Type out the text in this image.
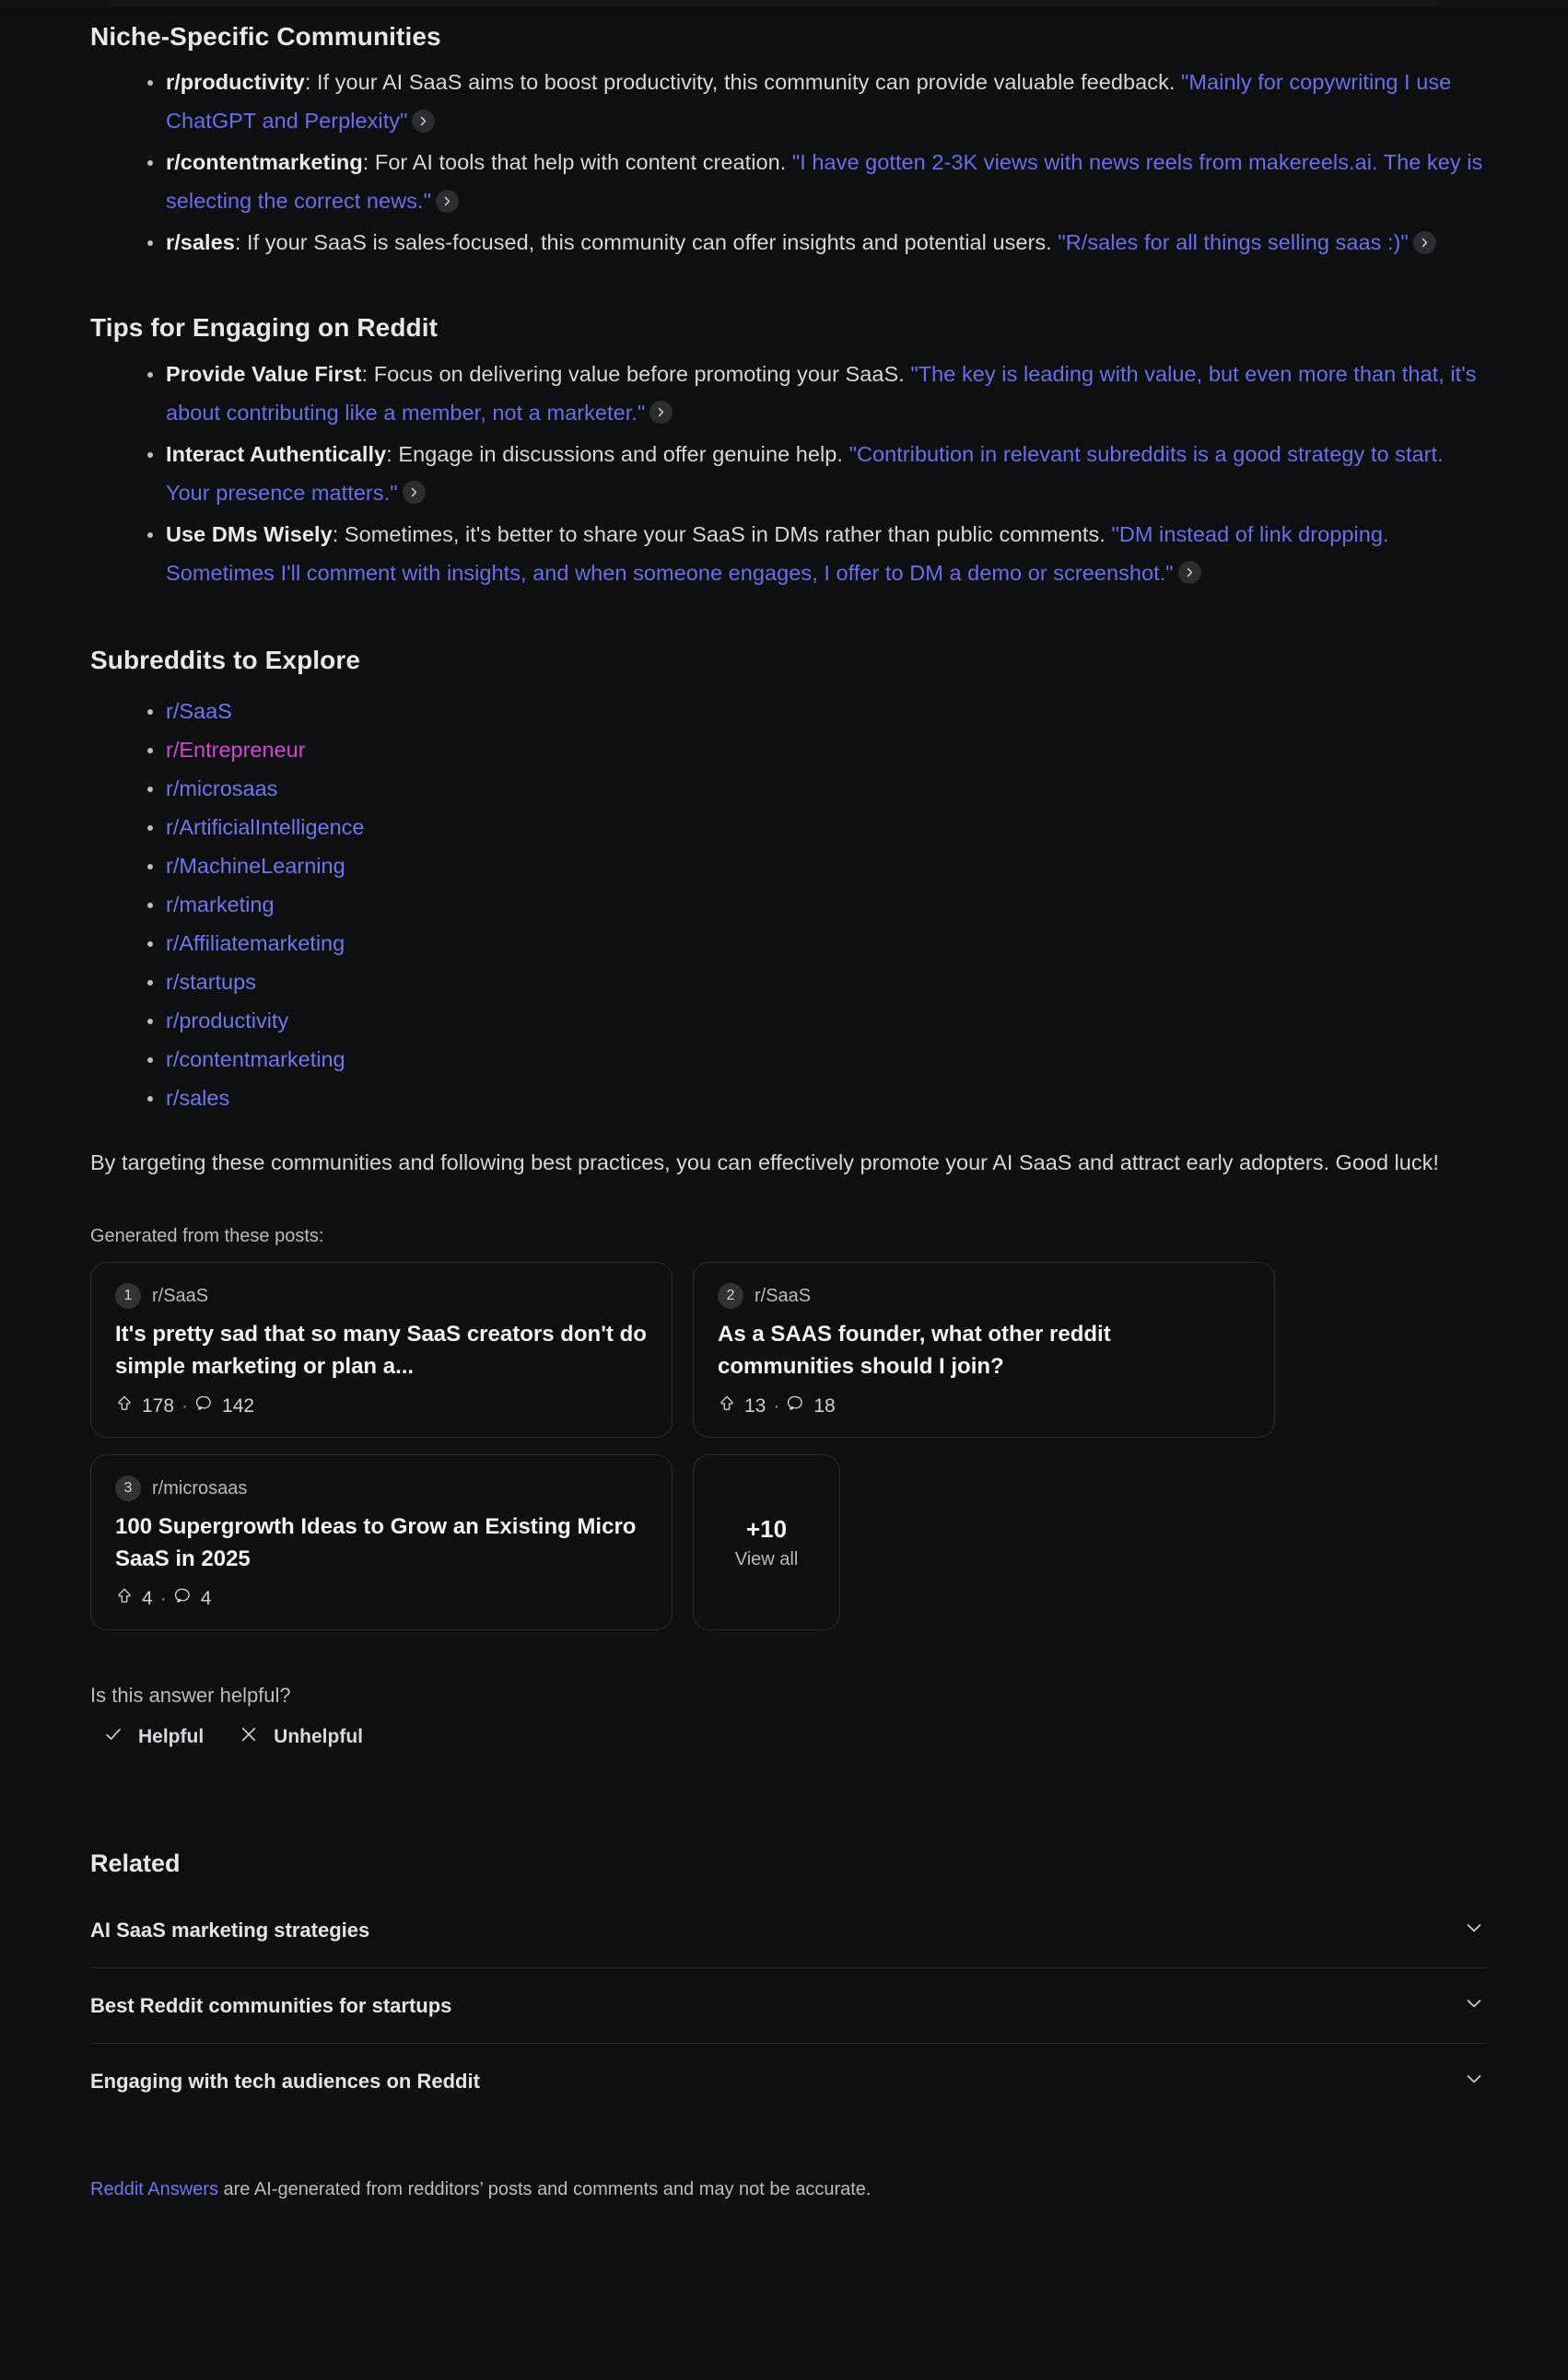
Niche-Specific Communities
r/productivity: If your AI SaaS aims to boost productivity, this community can provide valuable feedback. "Mainly for copywriting I use ChatGPT and Perplexity"
r/contentmarketing: For AI tools that help with content creation. "I have gotten 2-3K views with news reels from makereels.ai. The key is selecting the correct news."
r/sales: If your SaaS is sales-focused, this community can offer insights and potential users. "R/sales for all things selling saas :)"
Tips for Engaging on Reddit
Provide Value First: Focus on delivering value before promoting your SaaS. "The key is leading with value, but even more than that, it's about contributing like a member, not a marketer."
Interact Authentically: Engage in discussions and offer genuine help. "Contribution in relevant subreddits is a good strategy to start. Your presence matters."
Use DMs Wisely: Sometimes, it's better to share your SaaS in DMs rather than public comments. "DM instead of link dropping. Sometimes I'll comment with insights, and when someone engages, I offer to DM a demo or screenshot."
Subreddits to Explore
r/SaaS
r/Entrepreneur
r/microsaas
r/ArtificialIntelligence
r/MachineLearning
r/marketing
r/Affiliatemarketing
r/startups
r/productivity
r/contentmarketing
r/sales

By targeting these communities and following best practices, you can effectively promote your AI SaaS and attract early adopters. Good luck!

Generated from these posts:
1	r/SaaS
It's pretty sad that so many SaaS creators don't do simple marketing or plan a...
178 · 142
2	r/SaaS
As a SAAS founder, what other reddit communities should I join?
13 · 18
3	r/microsaas
100 Supergrowth Ideas to Grow an Existing Micro SaaS in 2025
4 · 4
+10
View all
Is this answer helpful?
Helpful	Unhelpful
Related
AI SaaS marketing strategies
Best Reddit communities for startups
Engaging with tech audiences on Reddit
Reddit Answers are AI-generated from redditors’ posts and comments and may not be accurate.
